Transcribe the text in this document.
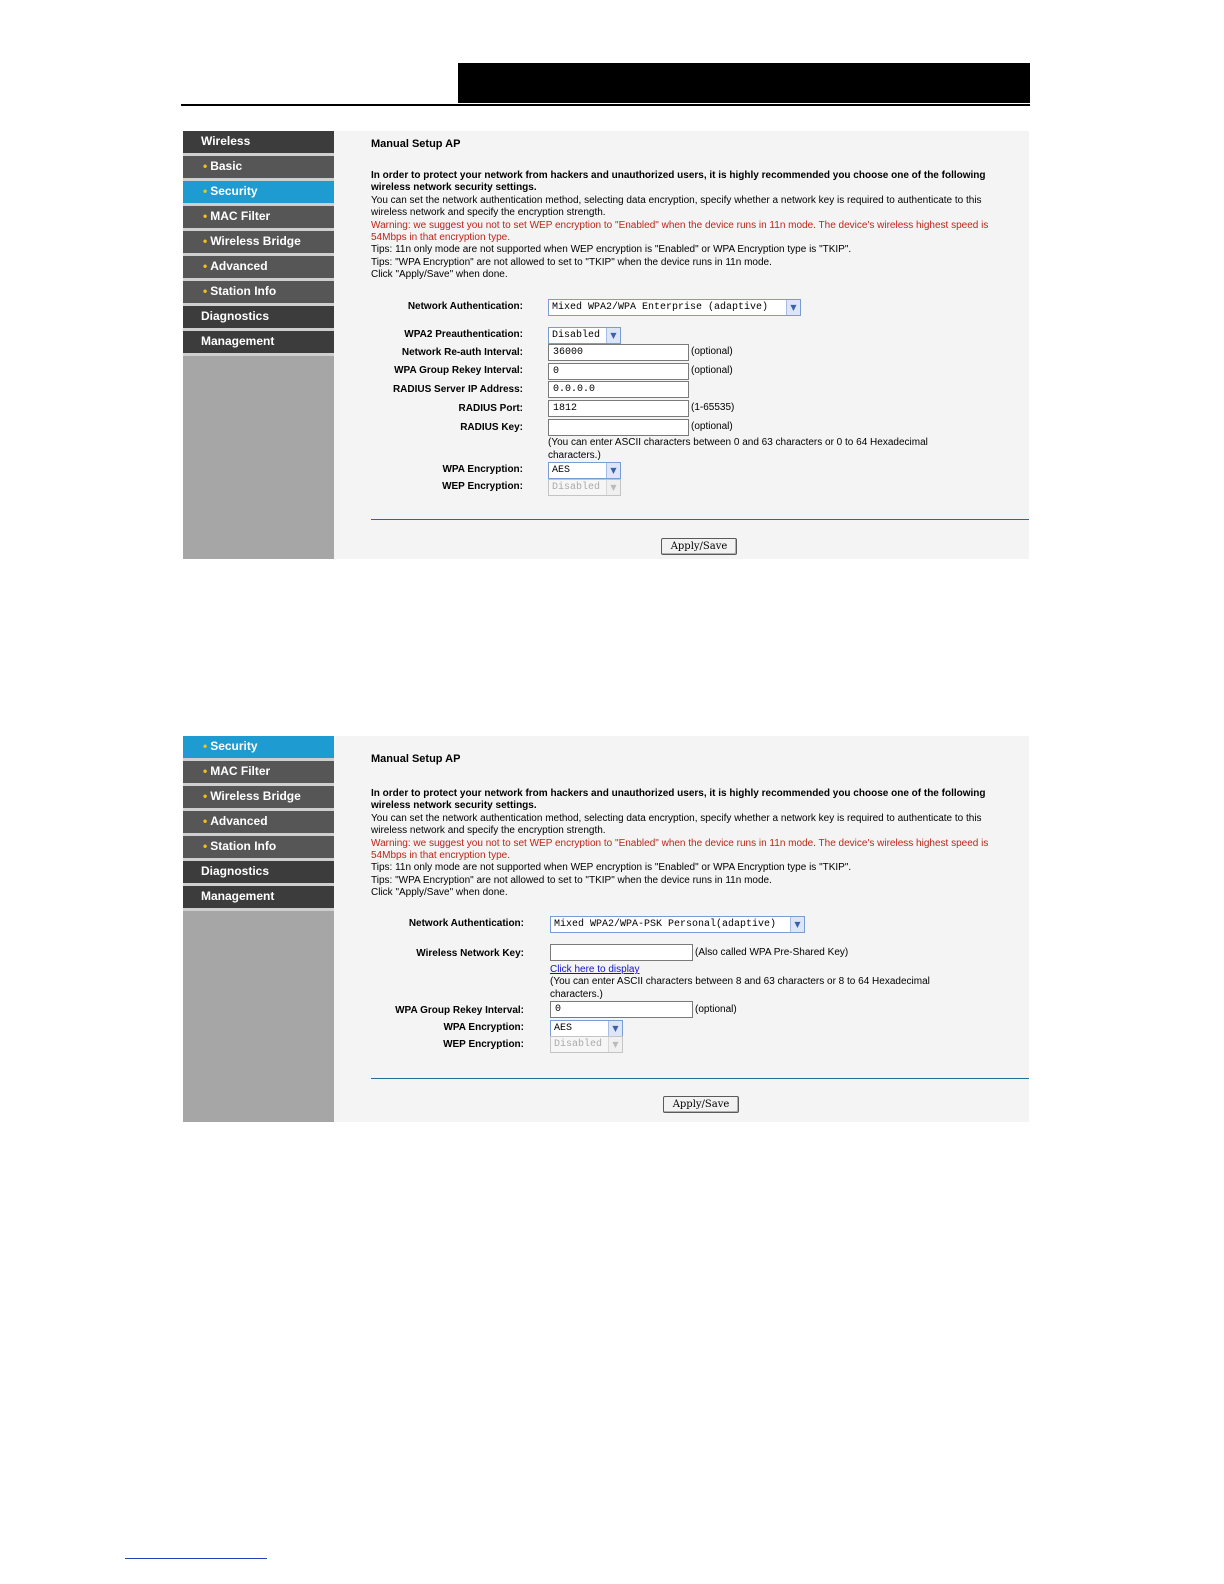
Wireless
• Basic
• Security
• MAC Filter
• Wireless Bridge
• Advanced
• Station Info
Diagnostics
Management
Manual Setup AP

In order to protect your network from hackers and unauthorized users, it is highly recommended you choose one of the following wireless network security settings.

You can set the network authentication method, selecting data encryption, specify whether a network key is required to authenticate to this wireless network and specify the encryption strength.

Warning: we suggest you not to set WEP encryption to "Enabled" when the device runs in 11n mode. The device's wireless highest speed is 54Mbps in that encryption type.

Tips: 11n only mode are not supported when WEP encryption is "Enabled" or WPA Encryption type is "TKIP".

Tips: "WPA Encryption" are not allowed to set to "TKIP" when the device runs in 11n mode.

Click "Apply/Save" when done.

Network Authentication:	Mixed WPA2/WPA Enterprise (adaptive)	▼
WPA2 Preauthentication:	Disabled	▼
Network Re-auth Interval:	36000	(optional)
WPA Group Rekey Interval:	0	(optional)
RADIUS Server IP Address:	0.0.0.0
RADIUS Port:	1812	(1-65535)
RADIUS Key:	(optional)
(You can enter ASCII characters between 0 and 63 characters or 0 to 64 Hexadecimal characters.)
WPA Encryption:	AES	▼
WEP Encryption:	Disabled	▼
Apply/Save
• Security
• MAC Filter
• Wireless Bridge
• Advanced
• Station Info
Diagnostics
Management
Manual Setup AP

In order to protect your network from hackers and unauthorized users, it is highly recommended you choose one of the following wireless network security settings.

You can set the network authentication method, selecting data encryption, specify whether a network key is required to authenticate to this wireless network and specify the encryption strength.

Warning: we suggest you not to set WEP encryption to "Enabled" when the device runs in 11n mode. The device's wireless highest speed is 54Mbps in that encryption type.

Tips: 11n only mode are not supported when WEP encryption is "Enabled" or WPA Encryption type is "TKIP".

Tips: "WPA Encryption" are not allowed to set to "TKIP" when the device runs in 11n mode.

Click "Apply/Save" when done.

Network Authentication:	Mixed WPA2/WPA-PSK Personal(adaptive)	▼
Wireless Network Key:	(Also called WPA Pre-Shared Key)
Click here to display
(You can enter ASCII characters between 8 and 63 characters or 8 to 64 Hexadecimal characters.)
WPA Group Rekey Interval:	0	(optional)
WPA Encryption:	AES	▼
WEP Encryption:	Disabled	▼
Apply/Save
